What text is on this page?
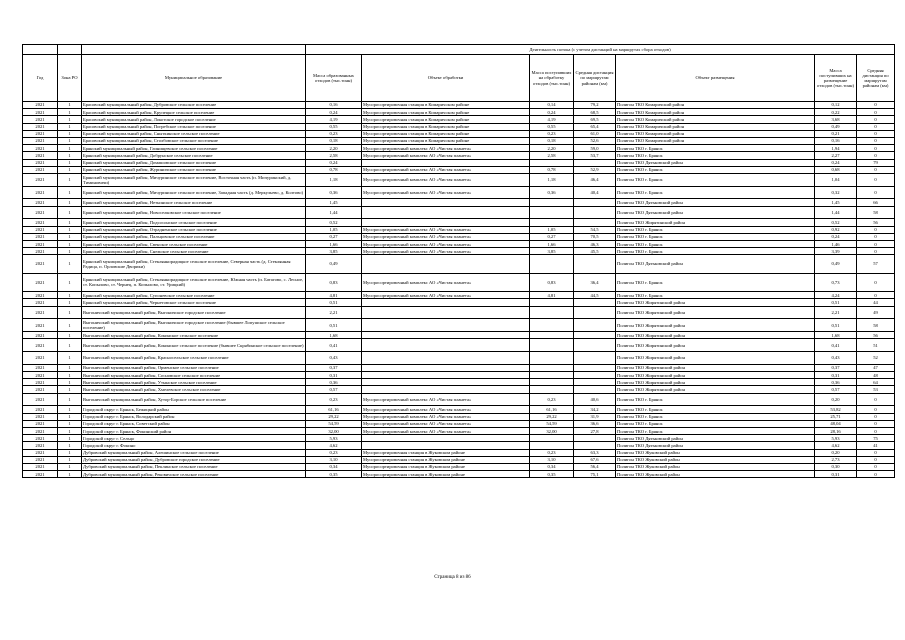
			Деятельность потока (с учетом дистанций на маршрутах сбора отходов)						
Год	Зона РО	Муниципальное образование	Масса образованных отходов (тыс.тонн)	Объект обработки	Масса поступивших на обработку отходов (тыс.тонн)	Средняя дистанция по маршрутам районам (км)	Объект размещения	Масса поступивших на размещение отходов (тыс.тонн)	Средняя дистанция по маршрутам районам (км)
2021	1	Брасовский муниципальный район, Дубровское сельское поселение	0,16	Мусоросортировочная станция в Комаричском районе	0,14	79,2	Полигон ТКО Комаричский район	0,12	0
2021	1	Брасовский муниципальный район, Крупецкое сельское поселение	0,24	Мусоросортировочная станция в Комаричском районе	0,24	68,5	Полигон ТКО Комаричский район	0,22	0
2021	1	Брасовский муниципальный район, Локотское городское поселение	4,19	Мусоросортировочная станция в Комаричском районе	4,19	69,5	Полигон ТКО Комаричский район	3,68	0
2021	1	Брасовский муниципальный район, Погребское сельское поселение	0,55	Мусоросортировочная станция в Комаричском районе	0,55	65,4	Полигон ТКО Комаричский район	0,49	0
2021	1	Брасовский муниципальный район, Сныткинское сельское поселение	0,23	Мусоросортировочная станция в Комаричском районе	0,23	61,0	Полигон ТКО Комаричский район	0,21	0
2021	1	Брасовский муниципальный район, Столбовское сельское поселение	0,18	Мусоросортировочная станция в Комаричском районе	0,18	52,6	Полигон ТКО Комаричский район	0,16	0
2021	1	Брянский муниципальный район, Глинищевское сельское поселение	2,20	Мусоросортировочный комплекс АО «Чистая планета»	2,20	59,0	Полигон ТКО г. Брянск	1,94	0
2021	1	Брянский муниципальный район, Добрунское сельское поселение	2,58	Мусоросортировочный комплекс АО «Чистая планета»	2,58	53,7	Полигон ТКО г. Брянск	2,27	0
2021	1	Брянский муниципальный район, Домашовское сельское поселение	0,24				Полигон ТКО Дятьковский район	0,24	79
2021	1	Брянский муниципальный район, Журиничское сельское поселение	0,78	Мусоросортировочный комплекс АО «Чистая планета»	0,78	52,9	Полигон ТКО г. Брянск	0,68	0
2021	1	Брянский муниципальный район, Мичуринское сельское поселение, Восточная часть (п. Мичуринский, д. Тиминовичи)	1,18	Мусоросортировочный комплекс АО «Чистая планета»	1,18	46,4	Полигон ТКО г. Брянск	1,04	0
2021	1	Брянский муниципальный район, Мичуринское сельское поселение, Западная часть (д. Меркульево, д. Колтово)	0,36	Мусоросортировочный комплекс АО «Чистая планета»	0,36	40,4	Полигон ТКО г. Брянск	0,32	0
2021	1	Брянский муниципальный район, Нетьинское сельское поселение	1,45				Полигон ТКО Дятьковский район	1,45	66
2021	1	Брянский муниципальный район, Новоселковское сельское поселение	1,44				Полигон ТКО Дятьковский район	1,44	58
2021	1	Брянский муниципальный район, Подсосонское сельское поселение	0,52				Полигон ТКО Жирятинский район	0,52	56
2021	1	Брянский муниципальный район, Отрадненское сельское поселение	1,05	Мусоросортировочный комплекс АО «Чистая планета»	1,05	54,5	Полигон ТКО г. Брянск	0,92	0
2021	1	Брянский муниципальный район, Пальцовское сельское поселение	0,27	Мусоросортировочный комплекс АО «Чистая планета»	0,27	70,5	Полигон ТКО г. Брянск	0,24	0
2021	1	Брянский муниципальный район, Свенское сельское поселение	1,66	Мусоросортировочный комплекс АО «Чистая планета»	1,66	46,3	Полигон ТКО г. Брянск	1,46	0
2021	1	Брянский муниципальный район, Снежское сельское поселение	3,85	Мусоросортировочный комплекс АО «Чистая планета»	3,85	45,5	Полигон ТКО г. Брянск	3,39	0
2021	1	Брянский муниципальный район, Стекляннорадицкое сельское поселение, Северная часть (д. Стеклянная Радица, п. Орловские Дворики)	0,49				Полигон ТКО Дятьковский район	0,49	57
2021	1	Брянский муниципальный район, Стекляннорадицкое сельское поселение, Южная часть (п. Батагово, с. Лесное, ст. Копылово, ст. Чернец, п. Копылово, ст. Урицкий)	0,83	Мусоросортировочный комплекс АО «Чистая планета»	0,83	36,4	Полигон ТКО г. Брянск	0,73	0
2021	1	Брянский муниципальный район, Супоневское сельское поселение	4,81	Мусоросортировочный комплекс АО «Чистая планета»	4,81	44,5	Полигон ТКО г. Брянск	4,24	0
2021	1	Брянский муниципальный район, Чернетовское сельское поселение	0,51				Полигон ТКО Жирятинский район	0,51	44
2021	1	Выгоничский муниципальный район, Выгоничское городское поселение	2,21				Полигон ТКО Жирятинский район	2,21	49
2021	1	Выгоничский муниципальный район, Выгоничское городское поселение (бывшее Лопушское сельское поселение)	0,51				Полигон ТКО Жирятинский район	0,51	58
2021	1	Выгоничский муниципальный район, Кокинское сельское поселение	1,68				Полигон ТКО Жирятинский район	1,68	56
2021	1	Выгоничский муниципальный район, Кокинское сельское поселение (бывшее Скрябинское сельское поселение)	0,41				Полигон ТКО Жирятинский район	0,41	51
2021	1	Выгоничский муниципальный район, Красносельское сельское поселение	0,43				Полигон ТКО Жирятинский район	0,43	52
2021	1	Выгоничский муниципальный район, Орменское сельское поселение	0,37				Полигон ТКО Жирятинский район	0,37	47
2021	1	Выгоничский муниципальный район, Сосновское сельское поселение	0,31				Полигон ТКО Жирятинский район	0,31	48
2021	1	Выгоничский муниципальный район, Утынское сельское поселение	0,36				Полигон ТКО Жирятинский район	0,36	64
2021	1	Выгоничский муниципальный район, Хмелевское сельское поселение	0,57				Полигон ТКО Жирятинский район	0,57	53
2021	1	Выгоничский муниципальный район, Хутор-Борское сельское поселение	0,23	Мусоросортировочный комплекс АО «Чистая планета»	0,23	40,6	Полигон ТКО г. Брянск	0,20	0
2021	1	Городской округ г. Брянск, Бежицкий район	61,16	Мусоросортировочный комплекс АО «Чистая планета»	61,16	34,2	Полигон ТКО г. Брянск	53,82	0
2021	1	Городской округ г. Брянск, Володарский район	29,22	Мусоросортировочный комплекс АО «Чистая планета»	29,22	31,9	Полигон ТКО г. Брянск	25,71	0
2021	1	Городской округ г. Брянск, Советский район	54,59	Мусоросортировочный комплекс АО «Чистая планета»	54,59	36,6	Полигон ТКО г. Брянск	48,04	0
2021	1	Городской округ г. Брянск, Фокинский район	32,00	Мусоросортировочный комплекс АО «Чистая планета»	32,00	27,8	Полигон ТКО г. Брянск	28,16	0
2021	1	Городской округ г. Сельцо	5,93				Полигон ТКО Дятьковский район	5,93	75
2021	1	Городской округ г. Фокино	4,62				Полигон ТКО Дятьковский район	4,62	41
2021	1	Дубровский муниципальный район, Алешинское сельское поселение	0,23	Мусоросортировочная станция в Жуковском районе	0,23	63,3	Полигон ТКО Жуковский район	0,20	0
2021	1	Дубровский муниципальный район, Дубровское городское поселение	3,10	Мусоросортировочная станция в Жуковском районе	3,10	67,6	Полигон ТКО Жуковский район	2,73	0
2021	1	Дубровский муниципальный район, Пеклинское сельское поселение	0,34	Мусоросортировочная станция в Жуковском районе	0,34	56,4	Полигон ТКО Жуковский район	0,30	0
2021	1	Дубровский муниципальный район, Рековичское сельское поселение	0,35	Мусоросортировочная станция в Жуковском районе	0,35	75,1	Полигон ТКО Жуковский район	0,31	0
Страница 8 из 86
